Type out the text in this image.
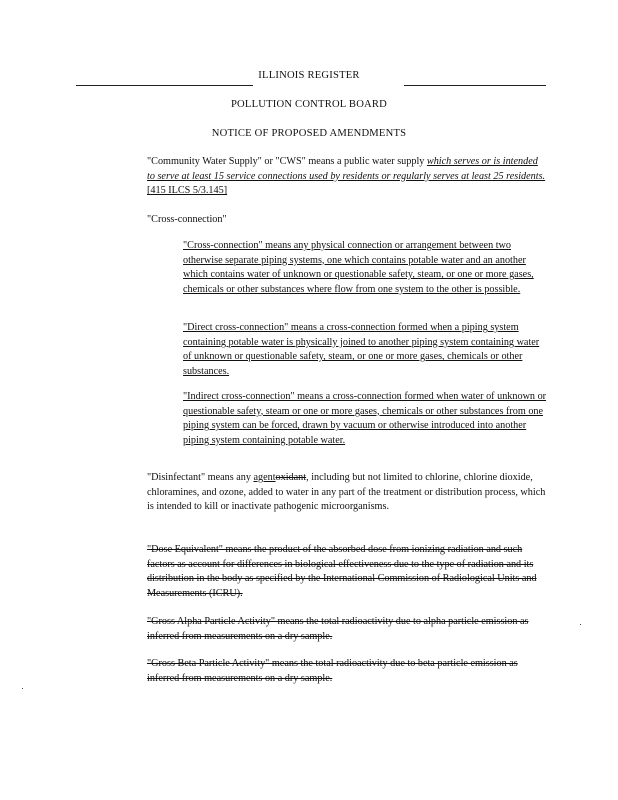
ILLINOIS REGISTER
POLLUTION CONTROL BOARD
NOTICE OF PROPOSED AMENDMENTS
"Community Water Supply" or "CWS" means a public water supply which serves or is intended to serve at least 15 service connections used by residents or regularly serves at least 25 residents. [415 ILCS 5/3.145]
"Cross-connection"
"Cross-connection" means any physical connection or arrangement between two otherwise separate piping systems, one which contains potable water and an another which contains water of unknown or questionable safety, steam, or one or more gases, chemicals or other substances where flow from one system to the other is possible.
"Direct cross-connection" means a cross-connection formed when a piping system containing potable water is physically joined to another piping system containing water of unknown or questionable safety, steam, or one or more gases, chemicals or other substances.
"Indirect cross-connection" means a cross-connection formed when water of unknown or questionable safety, steam or one or more gases, chemicals or other substances from one piping system can be forced, drawn by vacuum or otherwise introduced into another piping system containing potable water.
"Disinfectant" means any agentoxidant, including but not limited to chlorine, chlorine dioxide, chloramines, and ozone, added to water in any part of the treatment or distribution process, which is intended to kill or inactivate pathogenic microorganisms.
"Dose Equivalent" means the product of the absorbed dose from ionizing radiation and such factors as account for differences in biological effectiveness due to the type of radiation and its distribution in the body as specified by the International Commission of Radiological Units and Measurements (ICRU).
"Gross Alpha Particle Activity" means the total radioactivity due to alpha particle emission as inferred from measurements on a dry sample.
"Gross Beta Particle Activity" means the total radioactivity due to beta particle emission as inferred from measurements on a dry sample.
